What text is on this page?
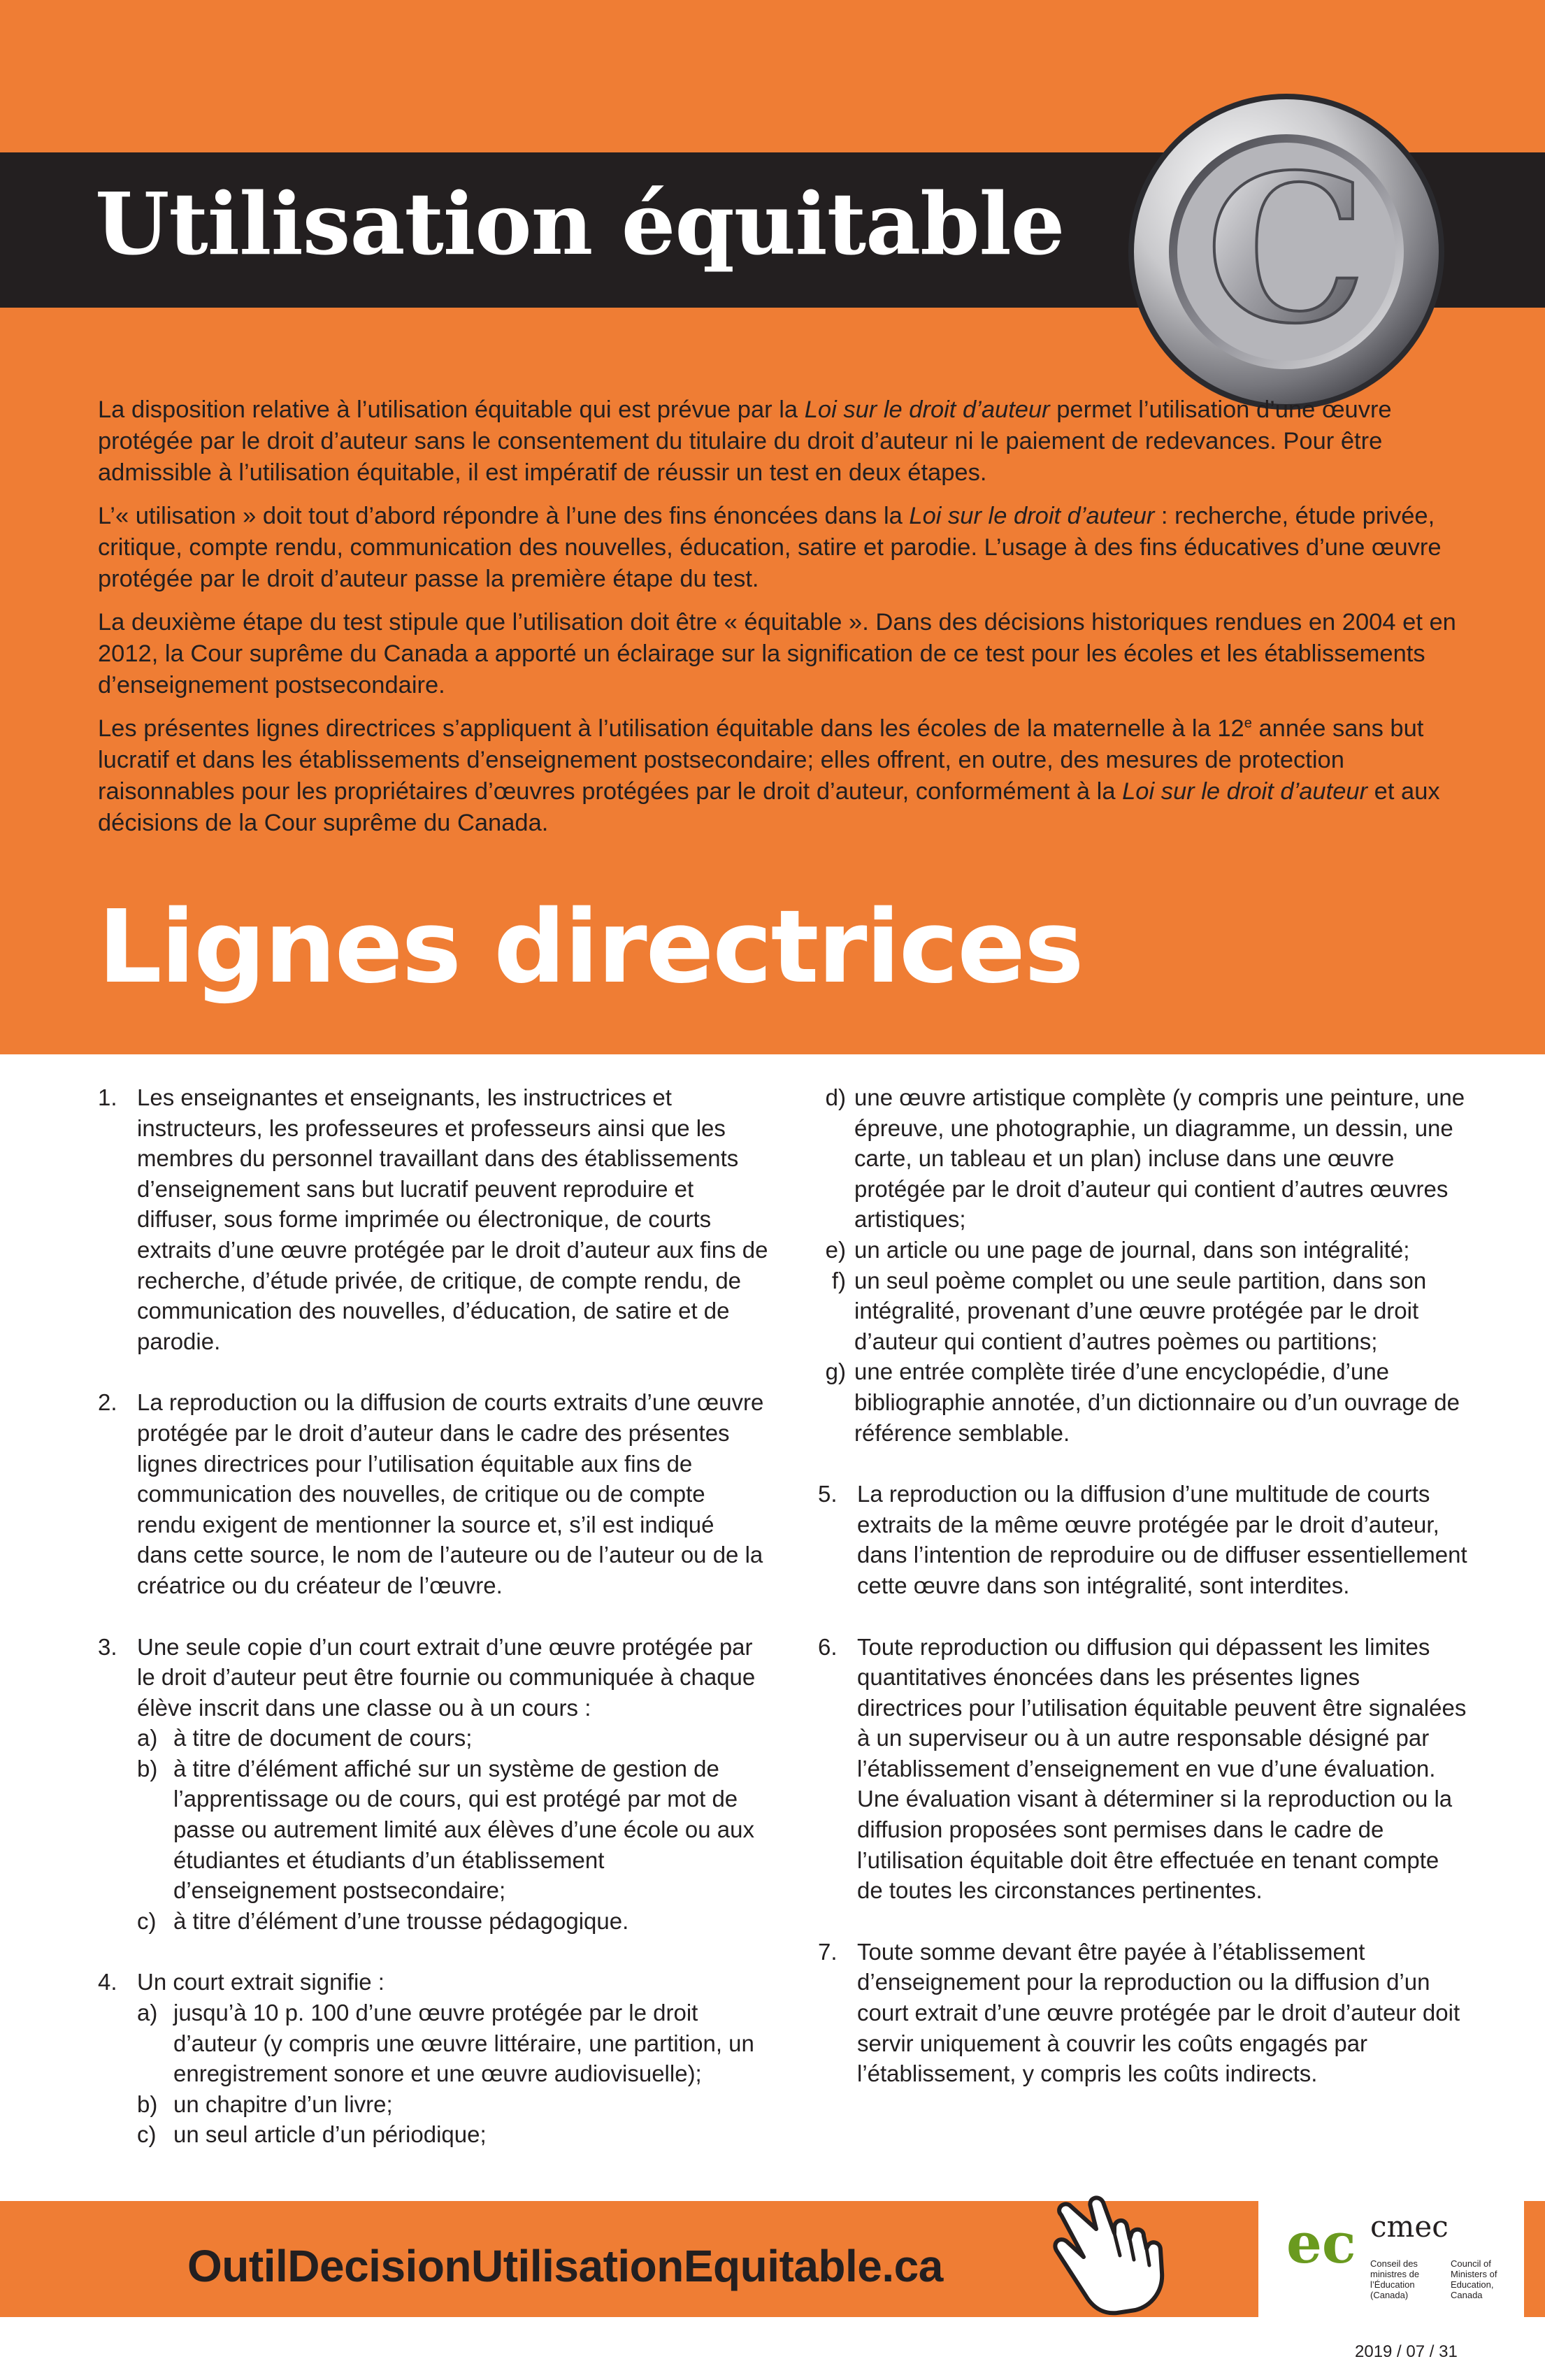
Utilisation équitable C

La disposition relative à l’utilisation équitable qui est prévue par la Loi sur le droit d’auteur permet l’utilisation d’une œuvre protégée par le droit d’auteur sans le consentement du titulaire du droit d’auteur ni le paiement de redevances. Pour être admissible à l’utilisation équitable, il est impératif de réussir un test en deux étapes.

L’« utilisation » doit tout d’abord répondre à l’une des fins énoncées dans la Loi sur le droit d’auteur : recherche, étude privée, critique, compte rendu, communication des nouvelles, éducation, satire et parodie. L’usage à des fins éducatives d’une œuvre protégée par le droit d’auteur passe la première étape du test.

La deuxième étape du test stipule que l’utilisation doit être « équitable ». Dans des décisions historiques rendues en 2004 et en 2012, la Cour suprême du Canada a apporté un éclairage sur la signification de ce test pour les écoles et les établissements d’enseignement postsecondaire.

Les présentes lignes directrices s’appliquent à l’utilisation équitable dans les écoles de la maternelle à la 12e année sans but lucratif et dans les établissements d’enseignement postsecondaire; elles offrent, en outre, des mesures de protection raisonnables pour les propriétaires d’œuvres protégées par le droit d’auteur, conformément à la Loi sur le droit d’auteur et aux décisions de la Cour suprême du Canada.

Lignes directrices
1. Les enseignantes et enseignants, les instructrices et instructeurs, les professeures et professeurs ainsi que les membres du personnel travaillant dans des établissements d’enseignement sans but lucratif peuvent reproduire et diffuser, sous forme imprimée ou électronique, de courts extraits d’une œuvre protégée par le droit d’auteur aux fins de recherche, d’étude privée, de critique, de compte rendu, de communication des nouvelles, d’éducation, de satire et de parodie.
2. La reproduction ou la diffusion de courts extraits d’une œuvre protégée par le droit d’auteur dans le cadre des présentes lignes directrices pour l’utilisation équitable aux fins de communication des nouvelles, de critique ou de compte rendu exigent de mentionner la source et, s’il est indiqué dans cette source, le nom de l’auteure ou de l’auteur ou de la créatrice ou du créateur de l’œuvre.
3. Une seule copie d’un court extrait d’une œuvre protégée par le droit d’auteur peut être fournie ou communiquée à chaque élève inscrit dans une classe ou à un cours :
a) à titre de document de cours;
b) à titre d’élément affiché sur un système de gestion de l’apprentissage ou de cours, qui est protégé par mot de passe ou autrement limité aux élèves d’une école ou aux étudiantes et étudiants d’un établissement d’enseignement postsecondaire;
c) à titre d’élément d’une trousse pédagogique.
4. Un court extrait signifie :
a) jusqu’à 10 p. 100 d’une œuvre protégée par le droit d’auteur (y compris une œuvre littéraire, une partition, un enregistrement sonore et une œuvre audiovisuelle);
b) un chapitre d’un livre;
c) un seul article d’un périodique;
d) une œuvre artistique complète (y compris une peinture, une épreuve, une photographie, un diagramme, un dessin, une carte, un tableau et un plan) incluse dans une œuvre protégée par le droit d’auteur qui contient d’autres œuvres artistiques;
e) un article ou une page de journal, dans son intégralité;
f) un seul poème complet ou une seule partition, dans son intégralité, provenant d’une œuvre protégée par le droit d’auteur qui contient d’autres poèmes ou partitions;
g) une entrée complète tirée d’une encyclopédie, d’une bibliographie annotée, d’un dictionnaire ou d’un ouvrage de référence semblable.
5. La reproduction ou la diffusion d’une multitude de courts extraits de la même œuvre protégée par le droit d’auteur, dans l’intention de reproduire ou de diffuser essentiellement cette œuvre dans son intégralité, sont interdites.
6. Toute reproduction ou diffusion qui dépassent les limites quantitatives énoncées dans les présentes lignes directrices pour l’utilisation équitable peuvent être signalées à un superviseur ou à un autre responsable désigné par l’établissement d’enseignement en vue d’une évaluation. Une évaluation visant à déterminer si la reproduction ou la diffusion proposées sont permises dans le cadre de l’utilisation équitable doit être effectuée en tenant compte de toutes les circonstances pertinentes.
7. Toute somme devant être payée à l’établissement d’enseignement pour la reproduction ou la diffusion d’un court extrait d’une œuvre protégée par le droit d’auteur doit servir uniquement à couvrir les coûts engagés par l’établissement, y compris les coûts indirects.
OutilDecisionUtilisationEquitable.ca	ec cmec
Conseil des ministres de l’Éducation (Canada)
Council of Ministers of Education, Canada
2019 / 07 / 31
